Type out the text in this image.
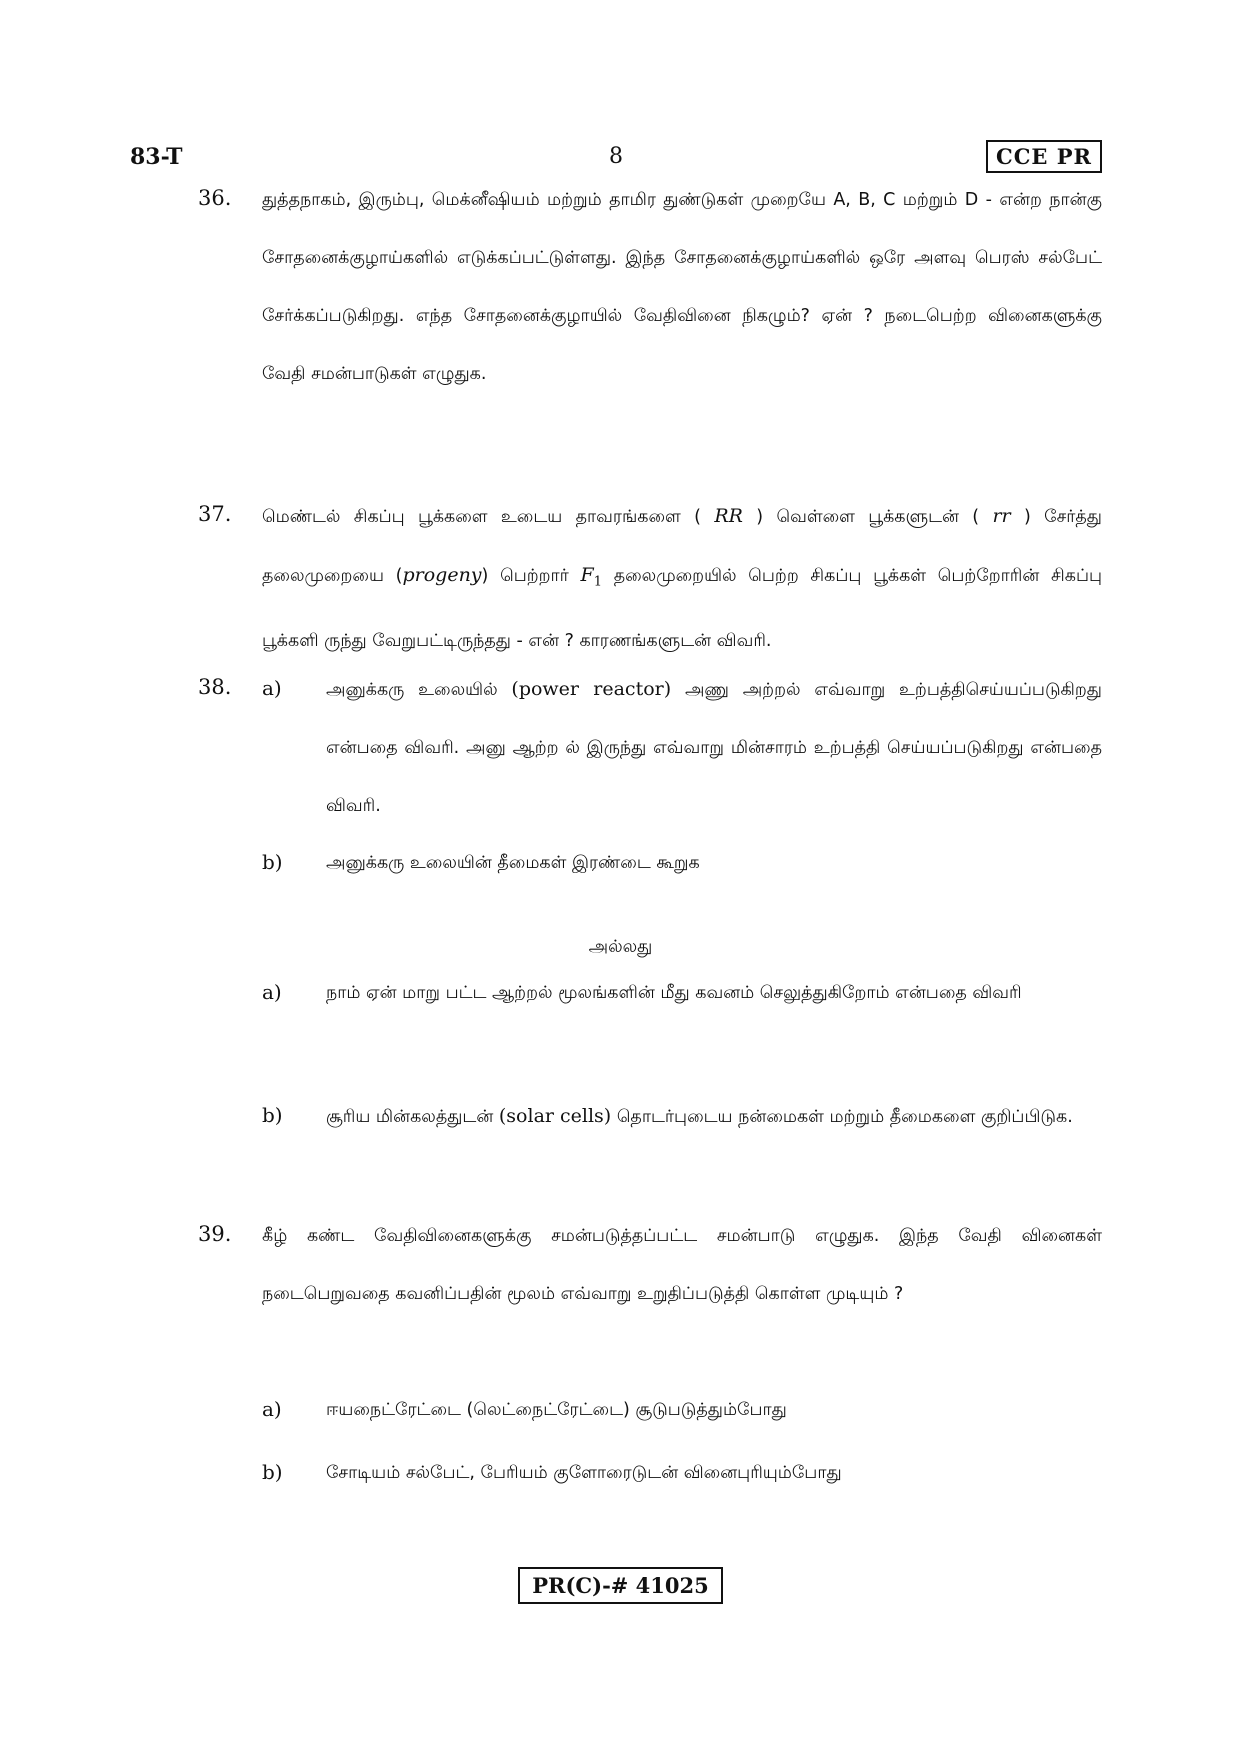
83-T	8	CCE PR
36. துத்தநாகம், இரும்பு, மெக்னீஷியம் மற்றும் தாமிர துண்டுகள் முறையே A, B, C மற்றும் D - என்ற நான்கு சோதனைக்குழாய்களில் எடுக்கப்பட்டுள்ளது. இந்த சோதனைக்குழாய்களில் ஒரே அளவு பெரஸ் சல்பேட் சேர்க்கப்படுகிறது. எந்த சோதனைக்குழாயில் வேதிவினை நிகழும்? ஏன் ? நடைபெற்ற வினைகளுக்கு வேதி சமன்பாடுகள் எழுதுக.
37. மெண்டல் சிகப்பு பூக்களை உடைய தாவரங்களை ( RR ) வெள்ளை பூக்களுடன் ( rr ) சேர்த்து தலைமுறையை (progeny) பெற்றார் $F_1$ தலைமுறையில் பெற்ற சிகப்பு பூக்கள் பெற்றோரின் சிகப்பு பூக்களி ருந்து வேறுபட்டிருந்தது - என் ? காரணங்களுடன் விவரி.
38. a)	அனுக்கரு உலையில் (power reactor) அணு அற்றல் எவ்வாறு உற்பத்திசெய்யப்படுகிறது என்பதை விவரி. அனு ஆற்ற ல் இருந்து எவ்வாறு மின்சாரம் உற்பத்தி செய்யப்படுகிறது என்பதை விவரி.
b) அனுக்கரு உலையின் தீமைகள் இரண்டை கூறுக
அல்லது
a)	நாம் ஏன் மாறு பட்ட ஆற்றல் மூலங்களின் மீது கவனம் செலுத்துகிறோம் என்பதை விவரி
b) சூரிய மின்கலத்துடன் (solar cells) தொடர்புடைய நன்மைகள் மற்றும் தீமைகளை குறிப்பிடுக.
39. கீழ் கண்ட வேதிவினைகளுக்கு சமன்படுத்தப்பட்ட சமன்பாடு எழுதுக. இந்த வேதி வினைகள் நடைபெறுவதை கவனிப்பதின் மூலம் எவ்வாறு உறுதிப்படுத்தி கொள்ள முடியும் ?
a)	ஈயநைட்ரேட்டை (லெட்நைட்ரேட்டை) சூடுபடுத்தும்போது
b) சோடியம் சல்பேட், பேரியம் குளோரைடுடன் வினைபுரியும்போது
PR(C)-# 41025
